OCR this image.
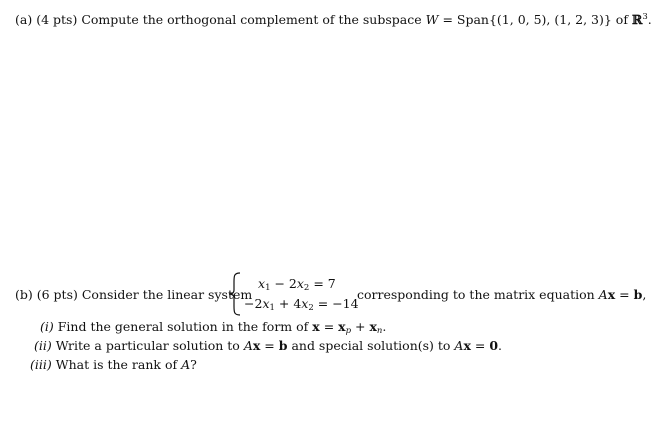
(a) (4 pts) Compute the orthogonal complement of the subspace W = Span{(1, 0, 5), (1, 2, 3)} of ℝ$^3$.
(b) (6 pts) Consider the linear system
$x_1 - 2x_2 = 7$
$-2x_1 + 4x_2 = -14$
corresponding to the matrix equation Ax = b,
(i) Find the general solution in the form of $x = x_p + x_n$.
(ii) Write a particular solution to Ax = b and special solution(s) to Ax = 0.
(iii) What is the rank of A?
